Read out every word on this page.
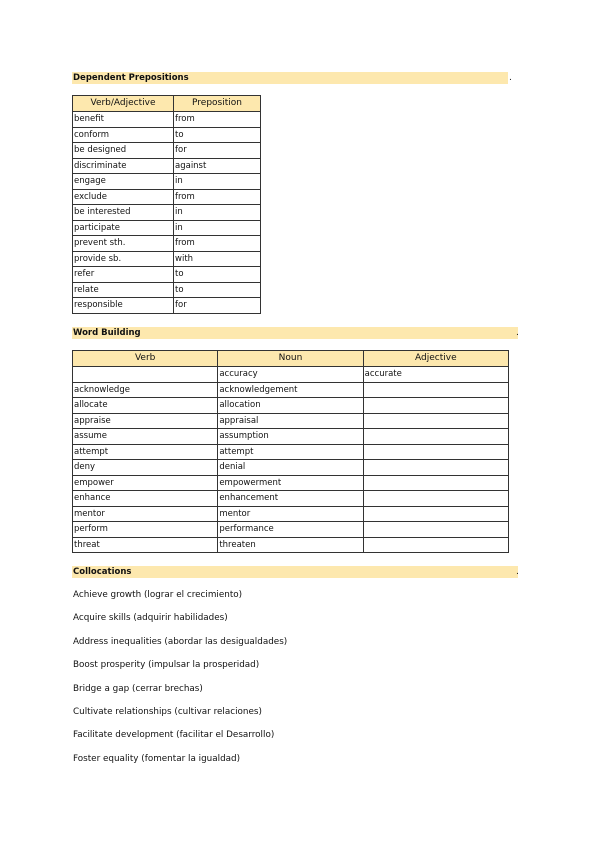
Dependent Prepositions	.
Verb/Adjective	Preposition
benefit	from
conform	to
be designed	for
discriminate	against
engage	in
exclude	from
be interested	in
participate	in
prevent sth.	from
provide sb.	with
refer	to
relate	to
responsible	for
Word Building	.
Verb	Noun	Adjective
	accuracy	accurate
acknowledge	acknowledgement	
allocate	allocation	
appraise	appraisal	
assume	assumption	
attempt	attempt	
deny	denial	
empower	empowerment	
enhance	enhancement	
mentor	mentor	
perform	performance	
threat	threaten	
Collocations	.
Achieve growth (lograr el crecimiento)
Acquire skills (adquirir habilidades)
Address inequalities (abordar las desigualdades)
Boost prosperity (impulsar la prosperidad)
Bridge a gap (cerrar brechas)
Cultivate relationships (cultivar relaciones)
Facilitate development (facilitar el Desarrollo)
Foster equality (fomentar la igualdad)
